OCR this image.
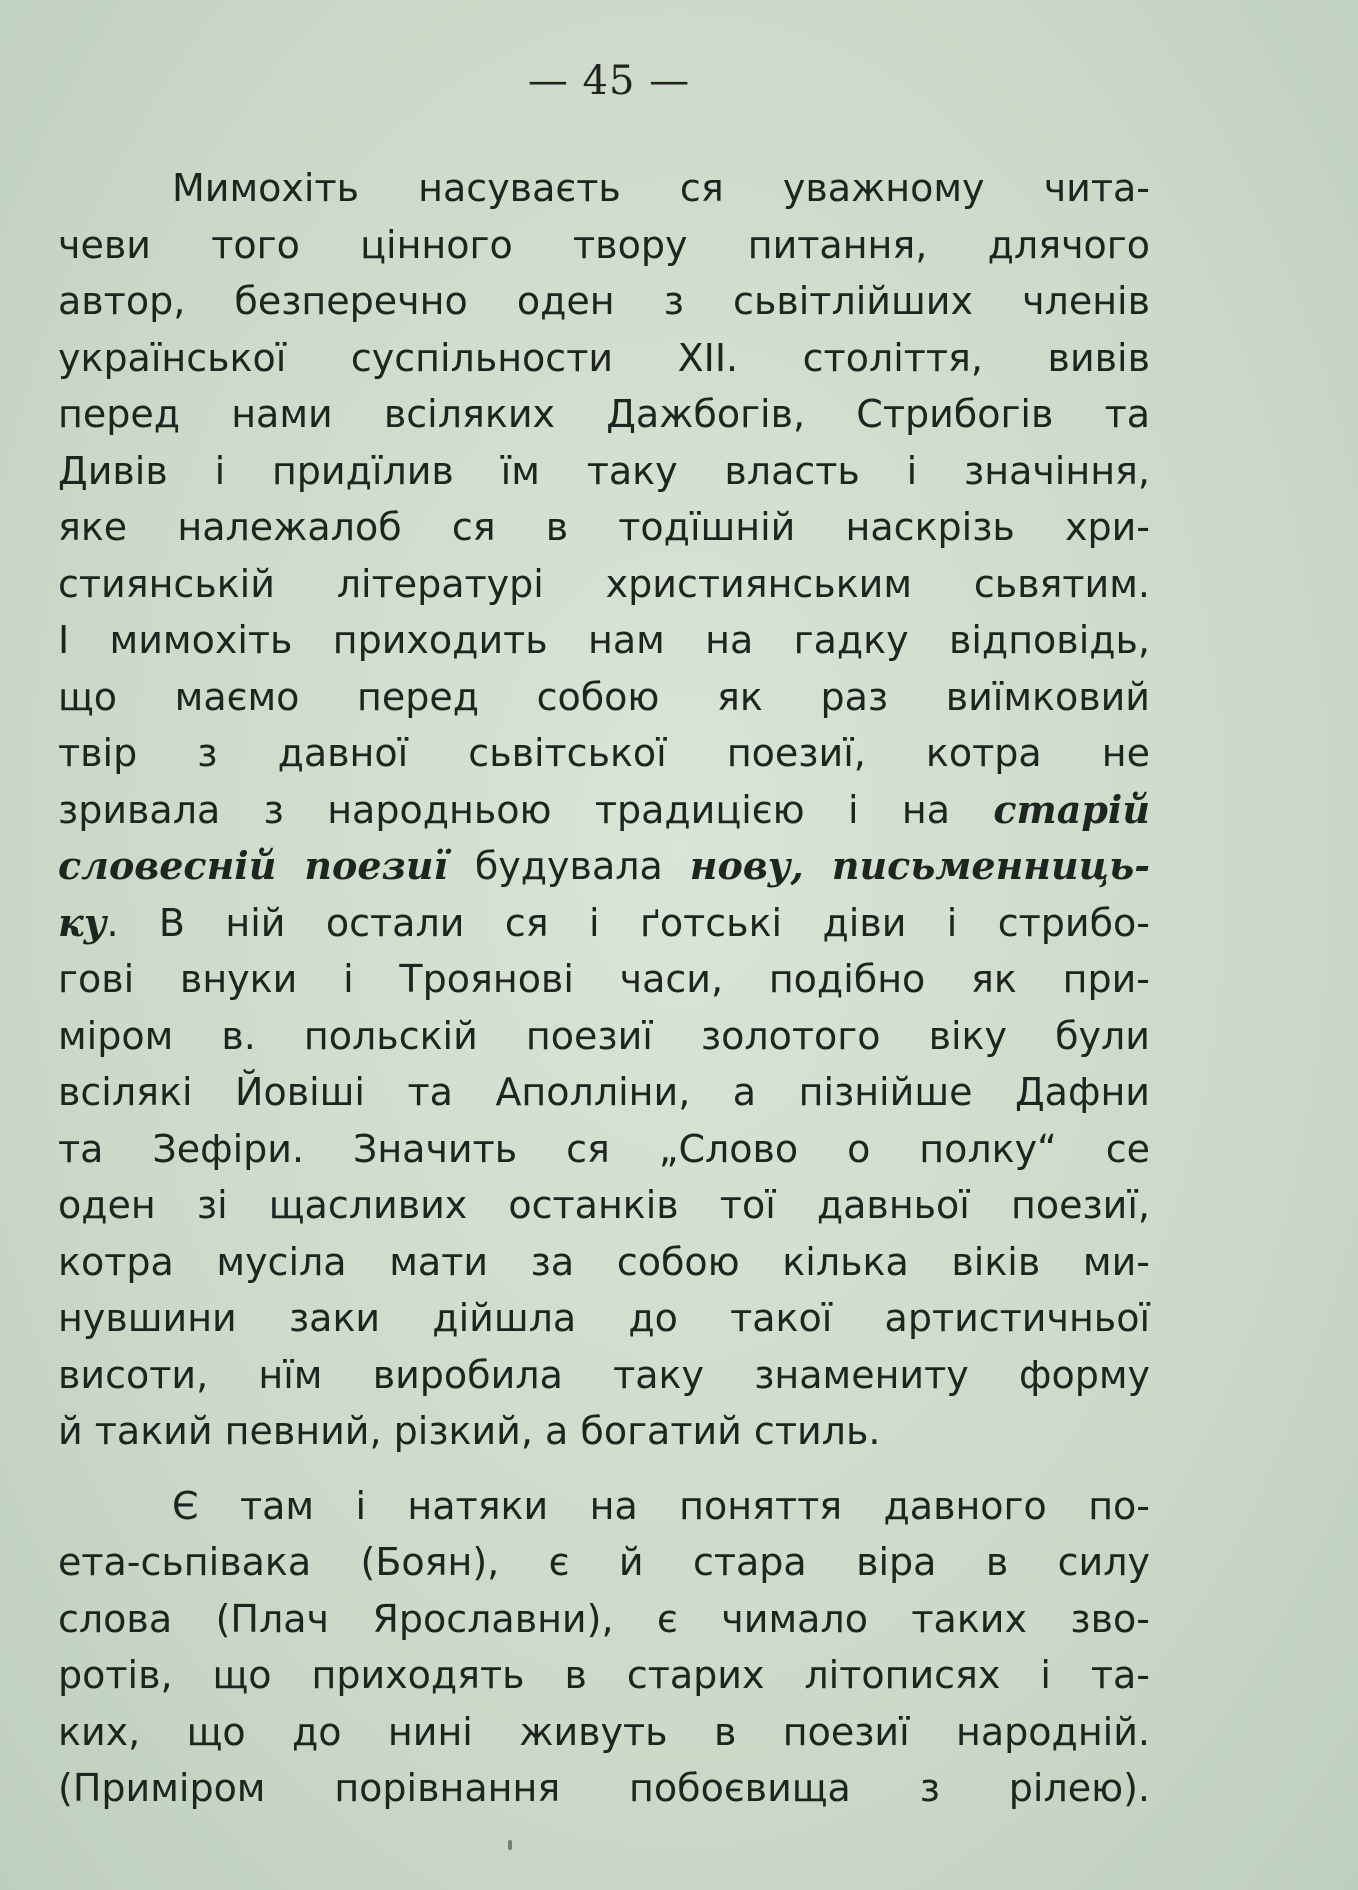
— 45 —
Мимохіть насуваєть ся уважному чита-
чеви того цінного твору питання, длячого
автор, безперечно оден з сьвітлійших членів
української суспільности XII. століття, вивів
перед нами всіляких Дажбогів, Стрибогів та
Дивів і придїлив їм таку власть і значіння,
яке належалоб ся в тодїшній наскрізь хри-
стиянській літературі християнським сьвятим.
І мимохіть приходить нам на гадку відповідь,
що маємо перед собою як раз виїмковий
твір з давної сьвітської поезиї, котра не
зривала з народньою традицією і на старій
словесній поезиї будувала нову, письменниць-
ку. В ній остали ся і ґотські діви і стрибо-
гові внуки і Троянові часи, подібно як при-
міром в. польскій поезиї золотого віку були
всілякі Йовіші та Аполліни, а пізнійше Дафни
та Зефіри. Значить ся „Слово о полку“ се
оден зі щасливих останків тої давньої поезиї,
котра мусіла мати за собою кілька віків ми-
нувшини заки дійшла до такої артистичньої
висоти, нїм виробила таку знамениту форму
й такий певний, різкий, а богатий стиль.
Є там і натяки на поняття давного по-
ета-сьпівака (Боян), є й стара віра в силу
слова (Плач Ярославни), є чимало таких зво-
ротів, що приходять в старих літописях і та-
ких, що до нині живуть в поезиї народній.
(Приміром порівнання побоєвища з рілею).
